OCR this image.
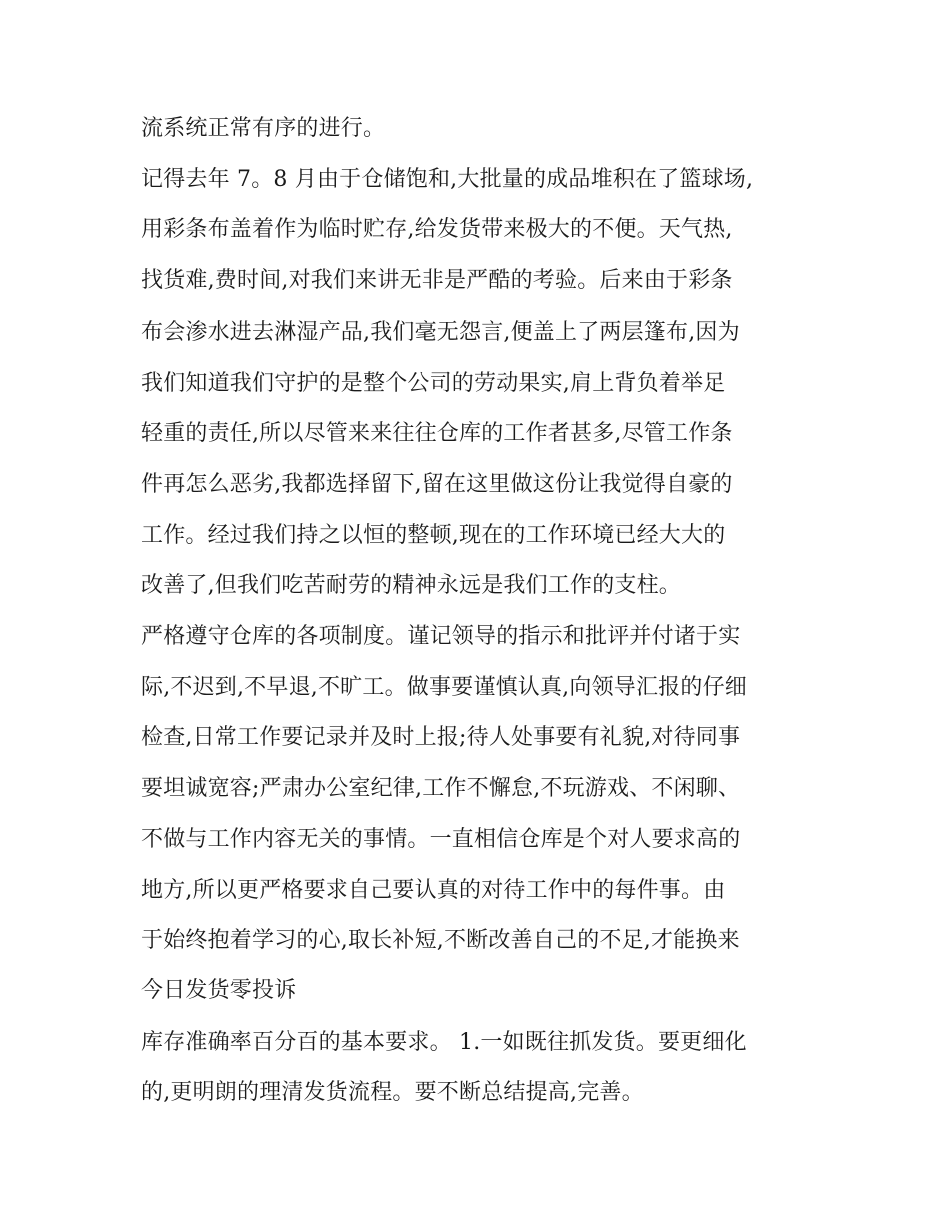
流系统正常有序的进行。
记得去年 7。8 月由于仓储饱和,大批量的成品堆积在了篮球场,
用彩条布盖着作为临时贮存,给发货带来极大的不便。天气热,
找货难,费时间,对我们来讲无非是严酷的考验。后来由于彩条
布会渗水进去淋湿产品,我们毫无怨言,便盖上了两层篷布,因为
我们知道我们守护的是整个公司的劳动果实,肩上背负着举足
轻重的责任,所以尽管来来往往仓库的工作者甚多,尽管工作条
件再怎么恶劣,我都选择留下,留在这里做这份让我觉得自豪的
工作。经过我们持之以恒的整顿,现在的工作环境已经大大的
改善了,但我们吃苦耐劳的精神永远是我们工作的支柱。
严格遵守仓库的各项制度。谨记领导的指示和批评并付诸于实
际,不迟到,不早退,不旷工。做事要谨慎认真,向领导汇报的仔细
检查,日常工作要记录并及时上报;待人处事要有礼貌,对待同事
要坦诚宽容;严肃办公室纪律,工作不懈怠,不玩游戏、不闲聊、
不做与工作内容无关的事情。一直相信仓库是个对人要求高的
地方,所以更严格要求自己要认真的对待工作中的每件事。由
于始终抱着学习的心,取长补短,不断改善自己的不足,才能换来
今日发货零投诉
库存准确率百分百的基本要求。 1.一如既往抓发货。要更细化
的,更明朗的理清发货流程。要不断总结提高,完善。
